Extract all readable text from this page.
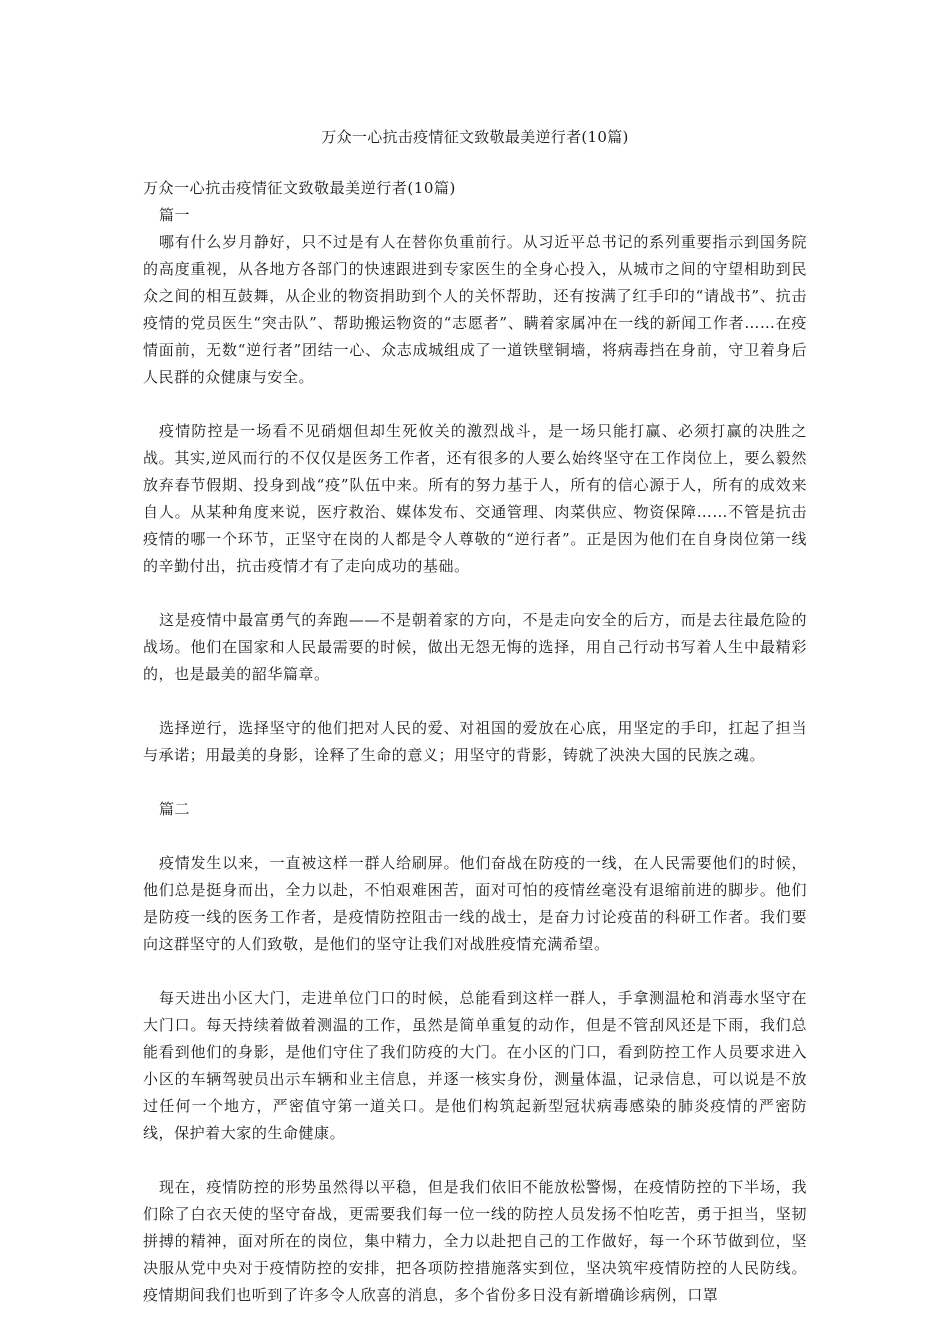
万众一心抗击疫情征文致敬最美逆行者(10篇)

万众一心抗击疫情征文致敬最美逆行者(10篇)

篇一

哪有什么岁月静好，只不过是有人在替你负重前行。从习近平总书记的系列重要指示到国务院的高度重视，从各地方各部门的快速跟进到专家医生的全身心投入，从城市之间的守望相助到民众之间的相互鼓舞，从企业的物资捐助到个人的关怀帮助，还有按满了红手印的“请战书”、抗击疫情的党员医生“突击队”、帮助搬运物资的“志愿者”、瞒着家属冲在一线的新闻工作者……在疫情面前，无数“逆行者”团结一心、众志成城组成了一道铁壁铜墙，将病毒挡在身前，守卫着身后人民群的众健康与安全。

疫情防控是一场看不见硝烟但却生死攸关的激烈战斗，是一场只能打赢、必须打赢的决胜之战。其实,逆风而行的不仅仅是医务工作者，还有很多的人要么始终坚守在工作岗位上，要么毅然放弃春节假期、投身到战“疫”队伍中来。所有的努力基于人，所有的信心源于人，所有的成效来自人。从某种角度来说，医疗救治、媒体发布、交通管理、肉菜供应、物资保障……不管是抗击疫情的哪一个环节，正坚守在岗的人都是令人尊敬的“逆行者”。正是因为他们在自身岗位第一线的辛勤付出，抗击疫情才有了走向成功的基础。

这是疫情中最富勇气的奔跑——不是朝着家的方向，不是走向安全的后方，而是去往最危险的战场。他们在国家和人民最需要的时候，做出无怨无悔的选择，用自己行动书写着人生中最精彩的，也是最美的韶华篇章。

选择逆行，选择坚守的他们把对人民的爱、对祖国的爱放在心底，用坚定的手印，扛起了担当与承诺；用最美的身影，诠释了生命的意义；用坚守的背影，铸就了泱泱大国的民族之魂。

篇二

疫情发生以来，一直被这样一群人给刷屏。他们奋战在防疫的一线，在人民需要他们的时候，他们总是挺身而出，全力以赴，不怕艰难困苦，面对可怕的疫情丝毫没有退缩前进的脚步。他们是防疫一线的医务工作者，是疫情防控阻击一线的战士，是奋力讨论疫苗的科研工作者。我们要向这群坚守的人们致敬，是他们的坚守让我们对战胜疫情充满希望。

每天进出小区大门，走进单位门口的时候，总能看到这样一群人，手拿测温枪和消毒水坚守在大门口。每天持续着做着测温的工作，虽然是简单重复的动作，但是不管刮风还是下雨，我们总能看到他们的身影，是他们守住了我们防疫的大门。在小区的门口，看到防控工作人员要求进入小区的车辆驾驶员出示车辆和业主信息，并逐一核实身份，测量体温，记录信息，可以说是不放过任何一个地方，严密值守第一道关口。是他们构筑起新型冠状病毒感染的肺炎疫情的严密防线，保护着大家的生命健康。

现在，疫情防控的形势虽然得以平稳，但是我们依旧不能放松警惕，在疫情防控的下半场，我们除了白衣天使的坚守奋战，更需要我们每一位一线的防控人员发扬不怕吃苦，勇于担当，坚韧拼搏的精神，面对所在的岗位，集中精力，全力以赴把自己的工作做好，每一个环节做到位，坚决服从党中央对于疫情防控的安排，把各项防控措施落实到位，坚决筑牢疫情防控的人民防线。疫情期间我们也听到了许多令人欣喜的消息，多个省份多日没有新增确诊病例，口罩
